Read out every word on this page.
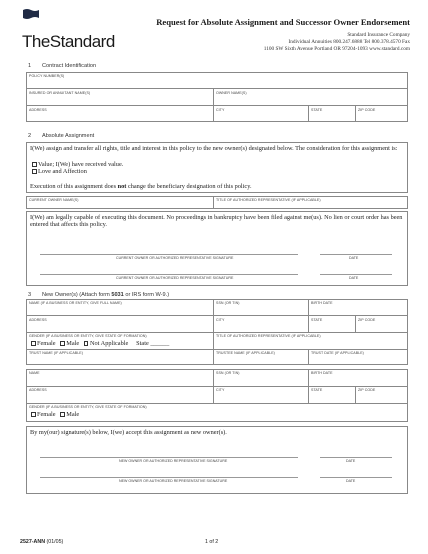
TheStandard
Request for Absolute Assignment and Successor Owner Endorsement
Standard Insurance Company
Individual Annuities 800.247.6888 Tel 800.378.4570 Fax
1100 SW Sixth Avenue Portland OR 97204-1093 www.standard.com
1 Contract Identification
POLICY NUMBER(S)
INSURED OR ANNUITANT NAME(S)	OWNER NAME(S)
ADDRESS	CITY	STATE	ZIP CODE
2 Absolute Assignment
I(We) assign and transfer all rights, title and interest in this policy to the new owner(s) designated below. The consideration for this assignment is:
Value; I(We) have received value.
Love and Affection
Execution of this assignment does not change the beneficiary designation of this policy.
CURRENT OWNER NAME(S)	TITLE OF AUTHORIZED REPRESENTATIVE (IF APPLICABLE)
I(We) am legally capable of executing this document. No proceedings in bankruptcy have been filed against me(us). No lien or court order has been entered that affects this policy.
CURRENT OWNER OR AUTHORIZED REPRESENTATIVE SIGNATURE	DATE
CURRENT OWNER OR AUTHORIZED REPRESENTATIVE SIGNATURE	DATE
3 New Owner(s) (Attach form 5031 or IRS form W-9.)
NAME (IF A BUSINESS OR ENTITY, GIVE FULL NAME)	SSN (OR TIN)	BIRTH DATE
ADDRESS	CITY	STATE	ZIP CODE
GENDER (IF A BUSINESS OR ENTITY, GIVE STATE OF FORMATION)
Female Male Not Applicable State ______
TITLE OF AUTHORIZED REPRESENTATIVE (IF APPLICABLE)
TRUST NAME (IF APPLICABLE)	TRUSTEE NAME (IF APPLICABLE)	TRUST DATE (IF APPLICABLE)
NAME	SSN (OR TIN)	BIRTH DATE
ADDRESS	CITY	STATE	ZIP CODE
GENDER (IF A BUSINESS OR ENTITY, GIVE STATE OF FORMATION)
Female Male
By my(our) signature(s) below, I(we) accept this assignment as new owner(s).
NEW OWNER OR AUTHORIZED REPRESENTATIVE SIGNATURE	DATE
NEW OWNER OR AUTHORIZED REPRESENTATIVE SIGNATURE	DATE
2527-ANN (01/05)	1 of 2
